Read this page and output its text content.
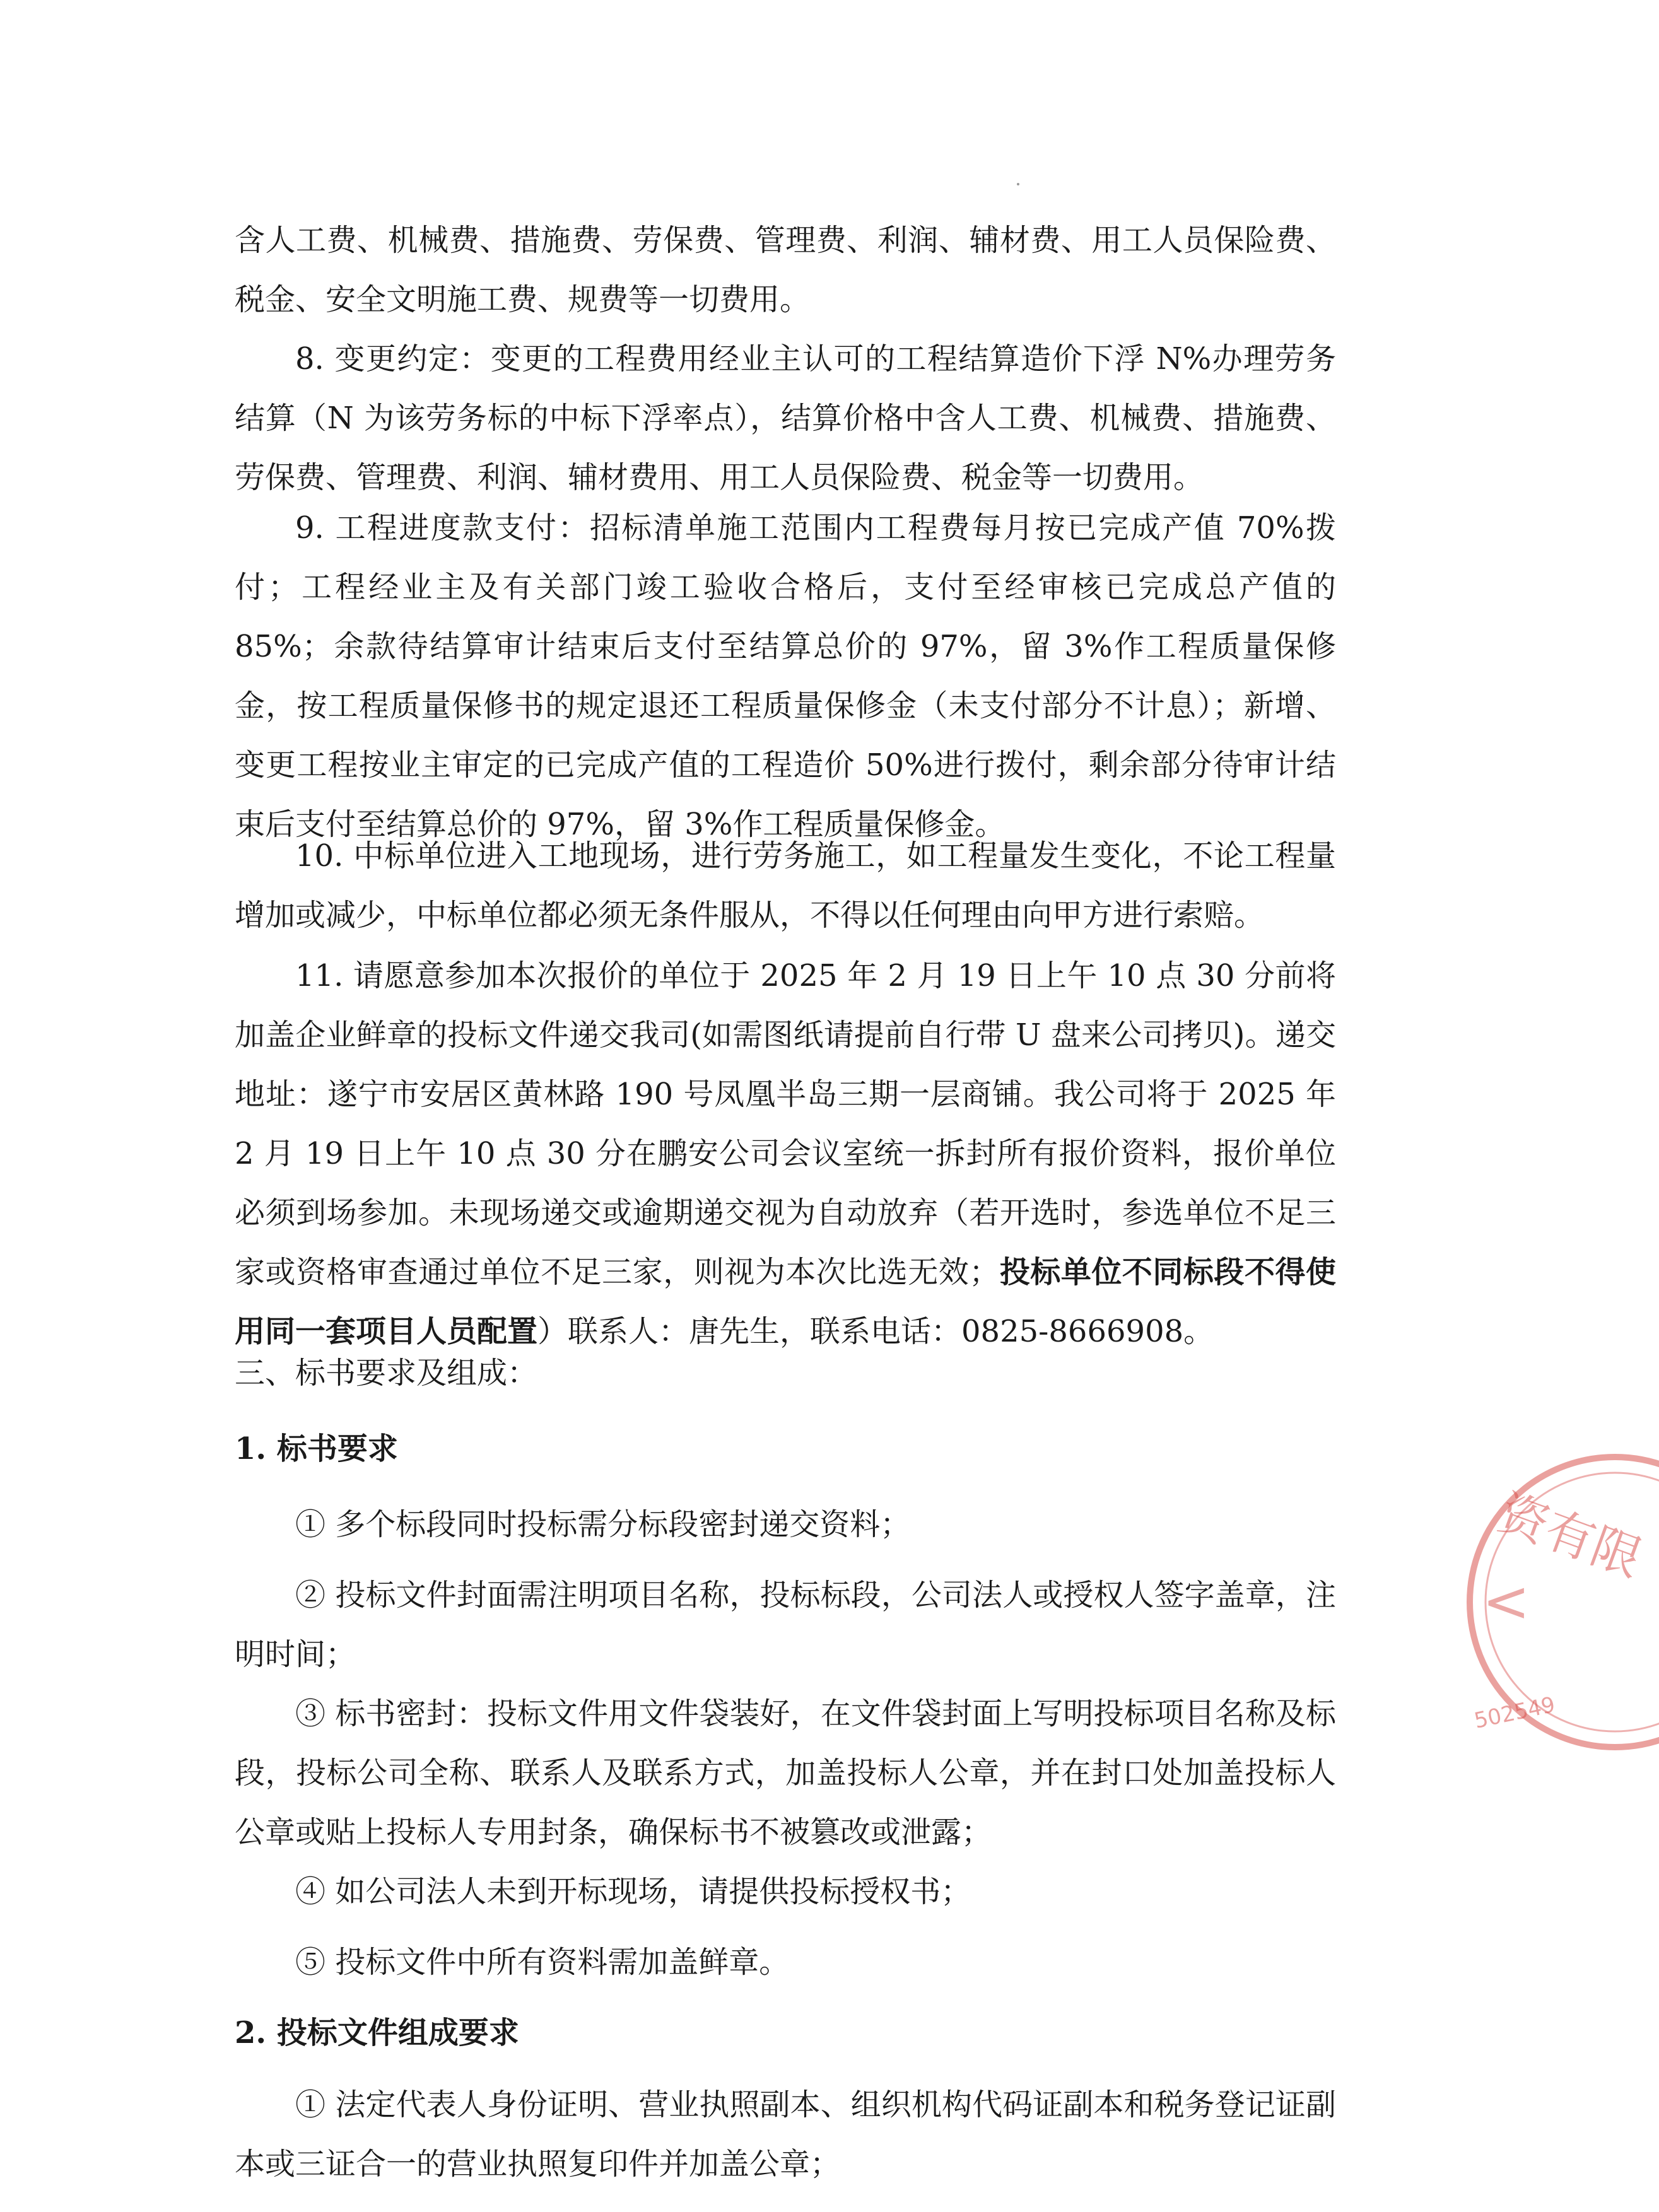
含人工费、机械费、措施费、劳保费、管理费、利润、辅材费、用工人员保险费、税金、安全文明施工费、规费等一切费用。

8. 变更约定：变更的工程费用经业主认可的工程结算造价下浮 N%办理劳务结算（N 为该劳务标的中标下浮率点），结算价格中含人工费、机械费、措施费、劳保费、管理费、利润、辅材费用、用工人员保险费、税金等一切费用。

9. 工程进度款支付：招标清单施工范围内工程费每月按已完成产值 70%拨付；工程经业主及有关部门竣工验收合格后，支付至经审核已完成总产值的 85%；余款待结算审计结束后支付至结算总价的 97%，留 3%作工程质量保修金，按工程质量保修书的规定退还工程质量保修金（未支付部分不计息）；新增、变更工程按业主审定的已完成产值的工程造价 50%进行拨付，剩余部分待审计结束后支付至结算总价的 97%，留 3%作工程质量保修金。

10. 中标单位进入工地现场，进行劳务施工，如工程量发生变化，不论工程量增加或减少，中标单位都必须无条件服从，不得以任何理由向甲方进行索赔。

11. 请愿意参加本次报价的单位于 2025 年 2 月 19 日上午 10 点 30 分前将加盖企业鲜章的投标文件递交我司(如需图纸请提前自行带 U 盘来公司拷贝)。递交地址：遂宁市安居区黄林路 190 号凤凰半岛三期一层商铺。我公司将于 2025 年 2 月 19 日上午 10 点 30 分在鹏安公司会议室统一拆封所有报价资料，报价单位必须到场参加。未现场递交或逾期递交视为自动放弃（若开选时，参选单位不足三家或资格审查通过单位不足三家，则视为本次比选无效；投标单位不同标段不得使用同一套项目人员配置）联系人：唐先生，联系电话：0825-8666908。

三、标书要求及组成：

1. 标书要求

① 多个标段同时投标需分标段密封递交资料；

② 投标文件封面需注明项目名称，投标标段，公司法人或授权人签字盖章，注明时间；

③ 标书密封：投标文件用文件袋装好，在文件袋封面上写明投标项目名称及标段，投标公司全称、联系人及联系方式，加盖投标人公章，并在封口处加盖投标人公章或贴上投标人专用封条，确保标书不被篡改或泄露；

④ 如公司法人未到开标现场，请提供投标授权书；

⑤ 投标文件中所有资料需加盖鲜章。

2. 投标文件组成要求

① 法定代表人身份证明、营业执照副本、组织机构代码证副本和税务登记证副本或三证合一的营业执照复印件并加盖公章；

资有限
<
502549
